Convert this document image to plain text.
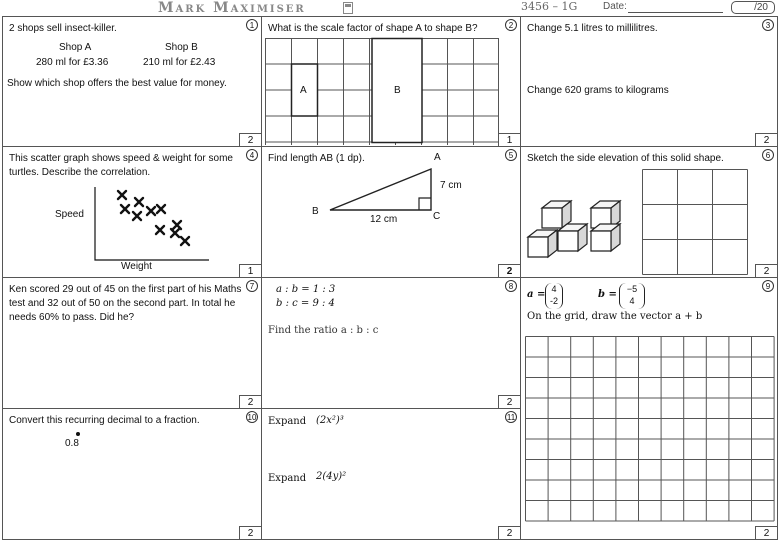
Mark Maximiser	3456 – 1G	Date:	/20
1
2 shops sell insect-killer.
Shop A
280 ml for £3.36
Shop B
210 ml for £2.43
Show which shop offers the best value for money.
2
2
What is the scale factor of shape A to shape B?
A	B
1
3
Change 5.1 litres to millilitres.
Change 620 grams to kilograms
2
4
This scatter graph shows speed & weight for some turtles. Describe the correlation.
Speed
Weight	1
5
Find length AB (1 dp).	A
B	C
7 cm
12 cm
2
6
Sketch the side elevation of this solid shape.
2
7
Ken scored 29 out of 45 on the first part of his Maths test and 32 out of 50 on the second part. In total he needs 60% to pass. Did he?
2
8
a : b = 1 : 3
b : c = 9 : 4
Find the ratio a : b : c
2
9
a = 4
-2
b =	−5
4
On the grid, draw the vector a + b
2
10
Convert this recurring decimal to a fraction.
0.8
2
11
Expand (2x²)³
Expand 2(4y)²
2
